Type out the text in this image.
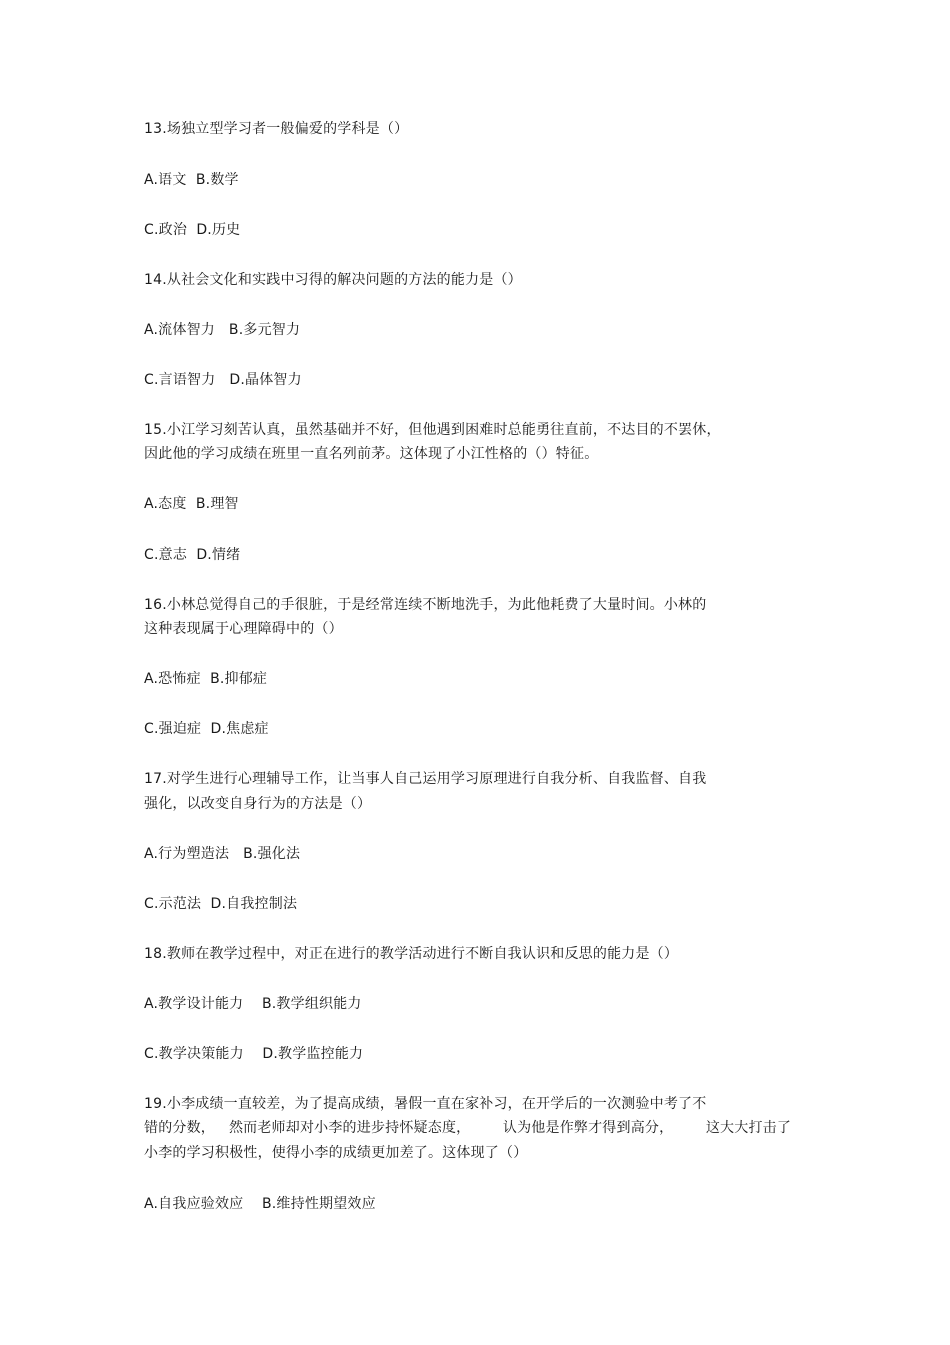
13.场独立型学习者一般偏爱的学科是（）
A.语文  B.数学
C.政治  D.历史
14.从社会文化和实践中习得的解决问题的方法的能力是（）
A.流体智力   B.多元智力
C.言语智力   D.晶体智力
15.小江学习刻苦认真，虽然基础并不好，但他遇到困难时总能勇往直前，不达目的不罢休，
因此他的学习成绩在班里一直名列前茅。这体现了小江性格的（）特征。
A.态度  B.理智
C.意志  D.情绪
16.小林总觉得自己的手很脏，于是经常连续不断地洗手，为此他耗费了大量时间。小林的
这种表现属于心理障碍中的（）
A.恐怖症  B.抑郁症
C.强迫症  D.焦虑症
17.对学生进行心理辅导工作，让当事人自己运用学习原理进行自我分析、自我监督、自我
强化，以改变自身行为的方法是（）
A.行为塑造法   B.强化法
C.示范法  D.自我控制法
18.教师在教学过程中，对正在进行的教学活动进行不断自我认识和反思的能力是（）
A.教学设计能力    B.教学组织能力
C.教学决策能力    D.教学监控能力
19.小李成绩一直较差，为了提高成绩，暑假一直在家补习，在开学后的一次测验中考了不
错的分数，   然而老师却对小李的进步持怀疑态度，       认为他是作弊才得到高分，       这大大打击了
小李的学习积极性，使得小李的成绩更加差了。这体现了（）
A.自我应验效应    B.维持性期望效应
